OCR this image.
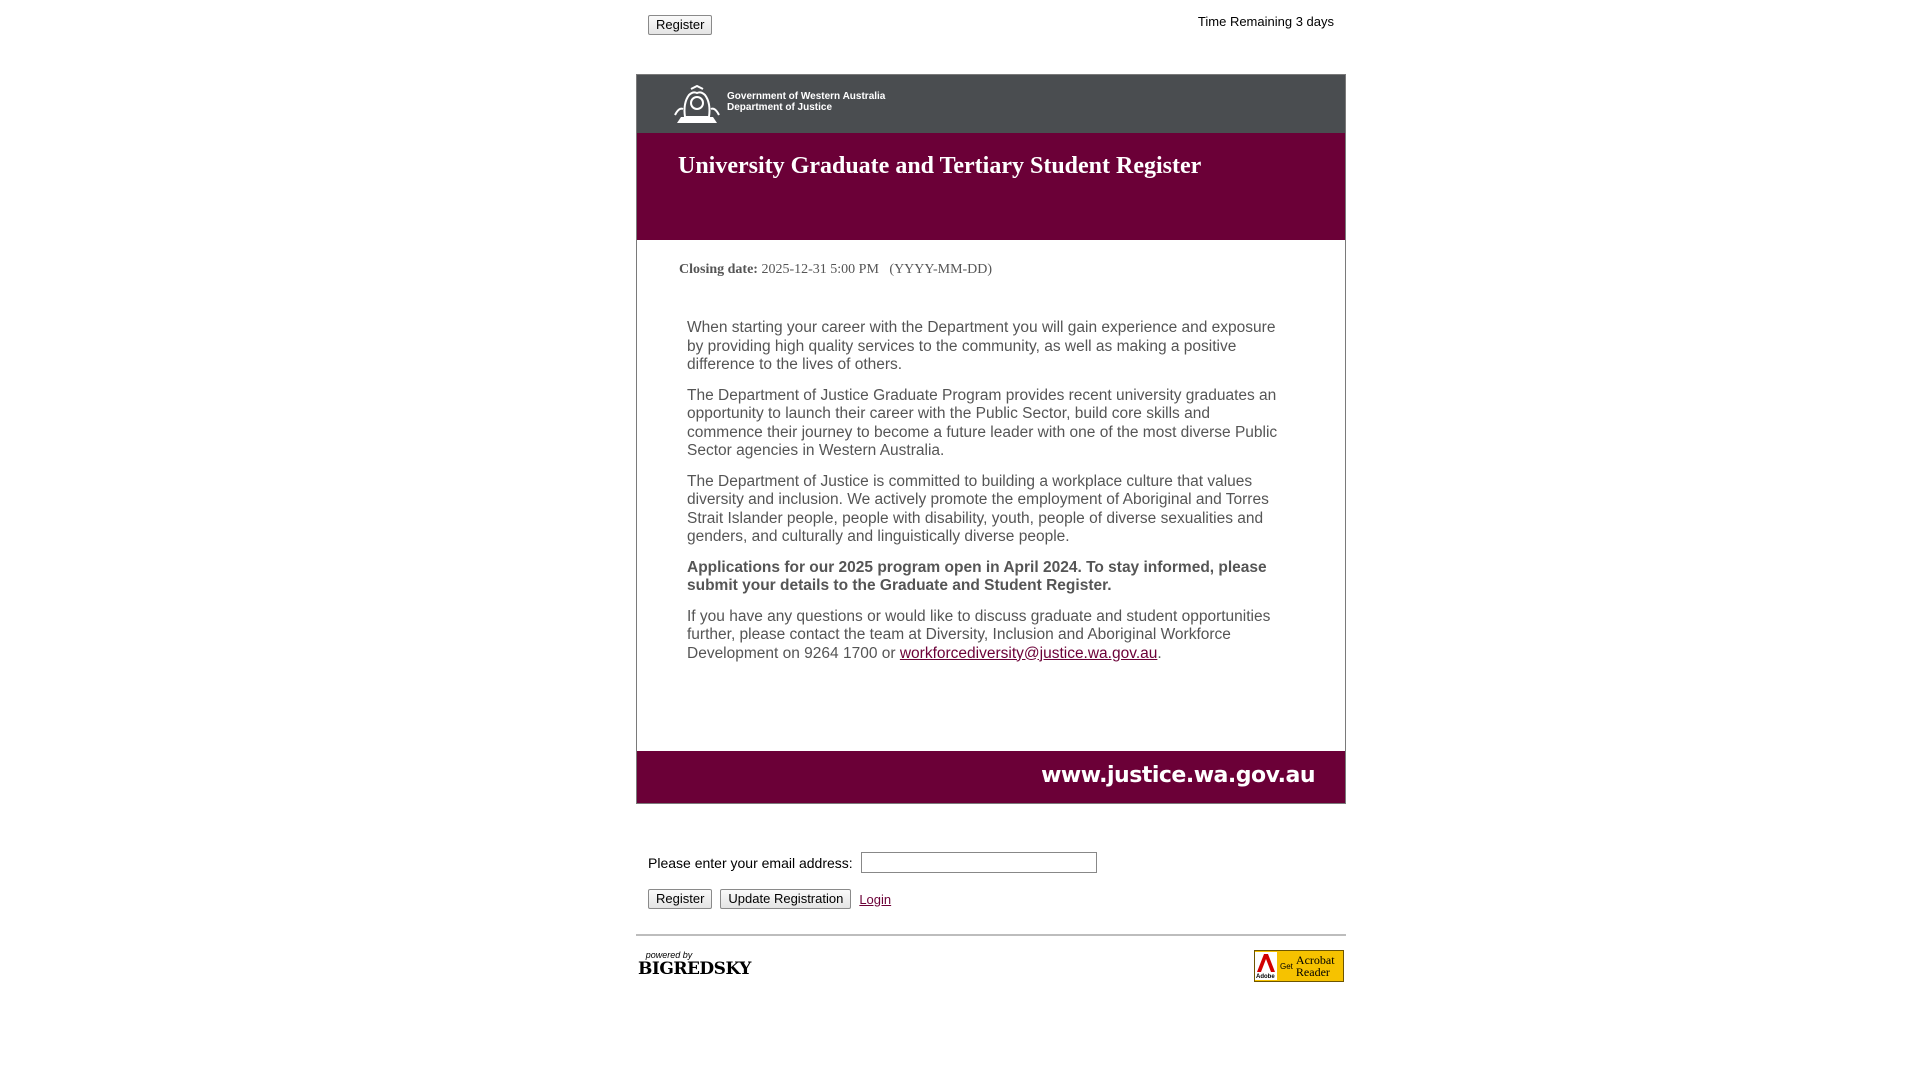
Register	Time Remaining 3 days
Government of Western Australia
Department of Justice
University Graduate and Tertiary Student Register
Closing date: 2025-12-31 5:00 PM (YYYY-MM-DD)

When starting your career with the Department you will gain experience and exposure by providing high quality services to the community, as well as making a positive difference to the lives of others.

The Department of Justice Graduate Program provides recent university graduates an opportunity to launch their career with the Public Sector, build core skills and commence their journey to become a future leader with one of the most diverse Public Sector agencies in Western Australia.

The Department of Justice is committed to building a workplace culture that values diversity and inclusion. We actively promote the employment of Aboriginal and Torres Strait Islander people, people with disability, youth, people of diverse sexualities and genders, and culturally and linguistically diverse people.

Applications for our 2025 program open in April 2024. To stay informed, please submit your details to the Graduate and Student Register.

If you have any questions or would like to discuss graduate and student opportunities further, please contact the team at Diversity, Inclusion and Aboriginal Workforce Development on 9264 1700 or workforcediversity@justice.wa.gov.au.

www.justice.wa.gov.au
Please enter your email address:
Register	Update Registration	Login
powered by
BIGREDSKY	Adobe
Get Acrobat Reader
